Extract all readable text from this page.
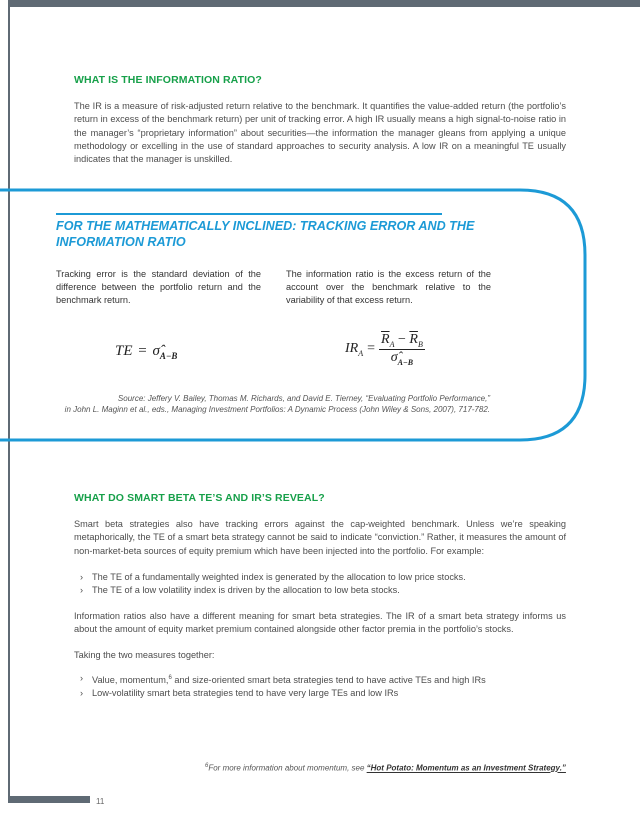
WHAT IS THE INFORMATION RATIO?

The IR is a measure of risk-adjusted return relative to the benchmark. It quantifies the value-added return (the portfolio’s return in excess of the benchmark return) per unit of tracking error. A high IR usually means a high signal-to-noise ratio in the manager’s “proprietary information” about securities—the information the manager gleans from applying a unique methodology or excelling in the use of standard approaches to security analysis. A low IR on a meaningful TE usually indicates that the manager is unskilled.

FOR THE MATHEMATICALLY INCLINED: TRACKING ERROR AND THE INFORMATION RATIO

Tracking error is the standard deviation of the difference between the portfolio return and the benchmark return.

The information ratio is the excess return of the account over the benchmark relative to the variability of that excess return.

TE = $\sigmâ_{A-B}$
$IR_A = \frac{\overline{R}_A - \overline{R}_B}{\sigmâ_{A-B}}$
Source: Jeffery V. Bailey, Thomas M. Richards, and David E. Tierney, “Evaluating Portfolio Performance,”
in John L. Maginn et al., eds., Managing Investment Portfolios: A Dynamic Process (John Wiley & Sons, 2007), 717-782.
WHAT DO SMART BETA TE’S AND IR’S REVEAL?

Smart beta strategies also have tracking errors against the cap-weighted benchmark. Unless we’re speaking metaphorically, the TE of a smart beta strategy cannot be said to indicate “conviction.” Rather, it measures the amount of non-market-beta sources of equity premium which have been injected into the portfolio. For example:

› The TE of a fundamentally weighted index is generated by the allocation to low price stocks.
› The TE of a low volatility index is driven by the allocation to low beta stocks.

Information ratios also have a different meaning for smart beta strategies. The IR of a smart beta strategy informs us about the amount of equity market premium contained alongside other factor premia in the portfolio’s stocks.

Taking the two measures together:

› Value, momentum,$^6$ and size-oriented smart beta strategies tend to have active TEs and high IRs
› Low-volatility smart beta strategies tend to have very large TEs and low IRs
$^6$For more information about momentum, see “Hot Potato: Momentum as an Investment Strategy.”
11
